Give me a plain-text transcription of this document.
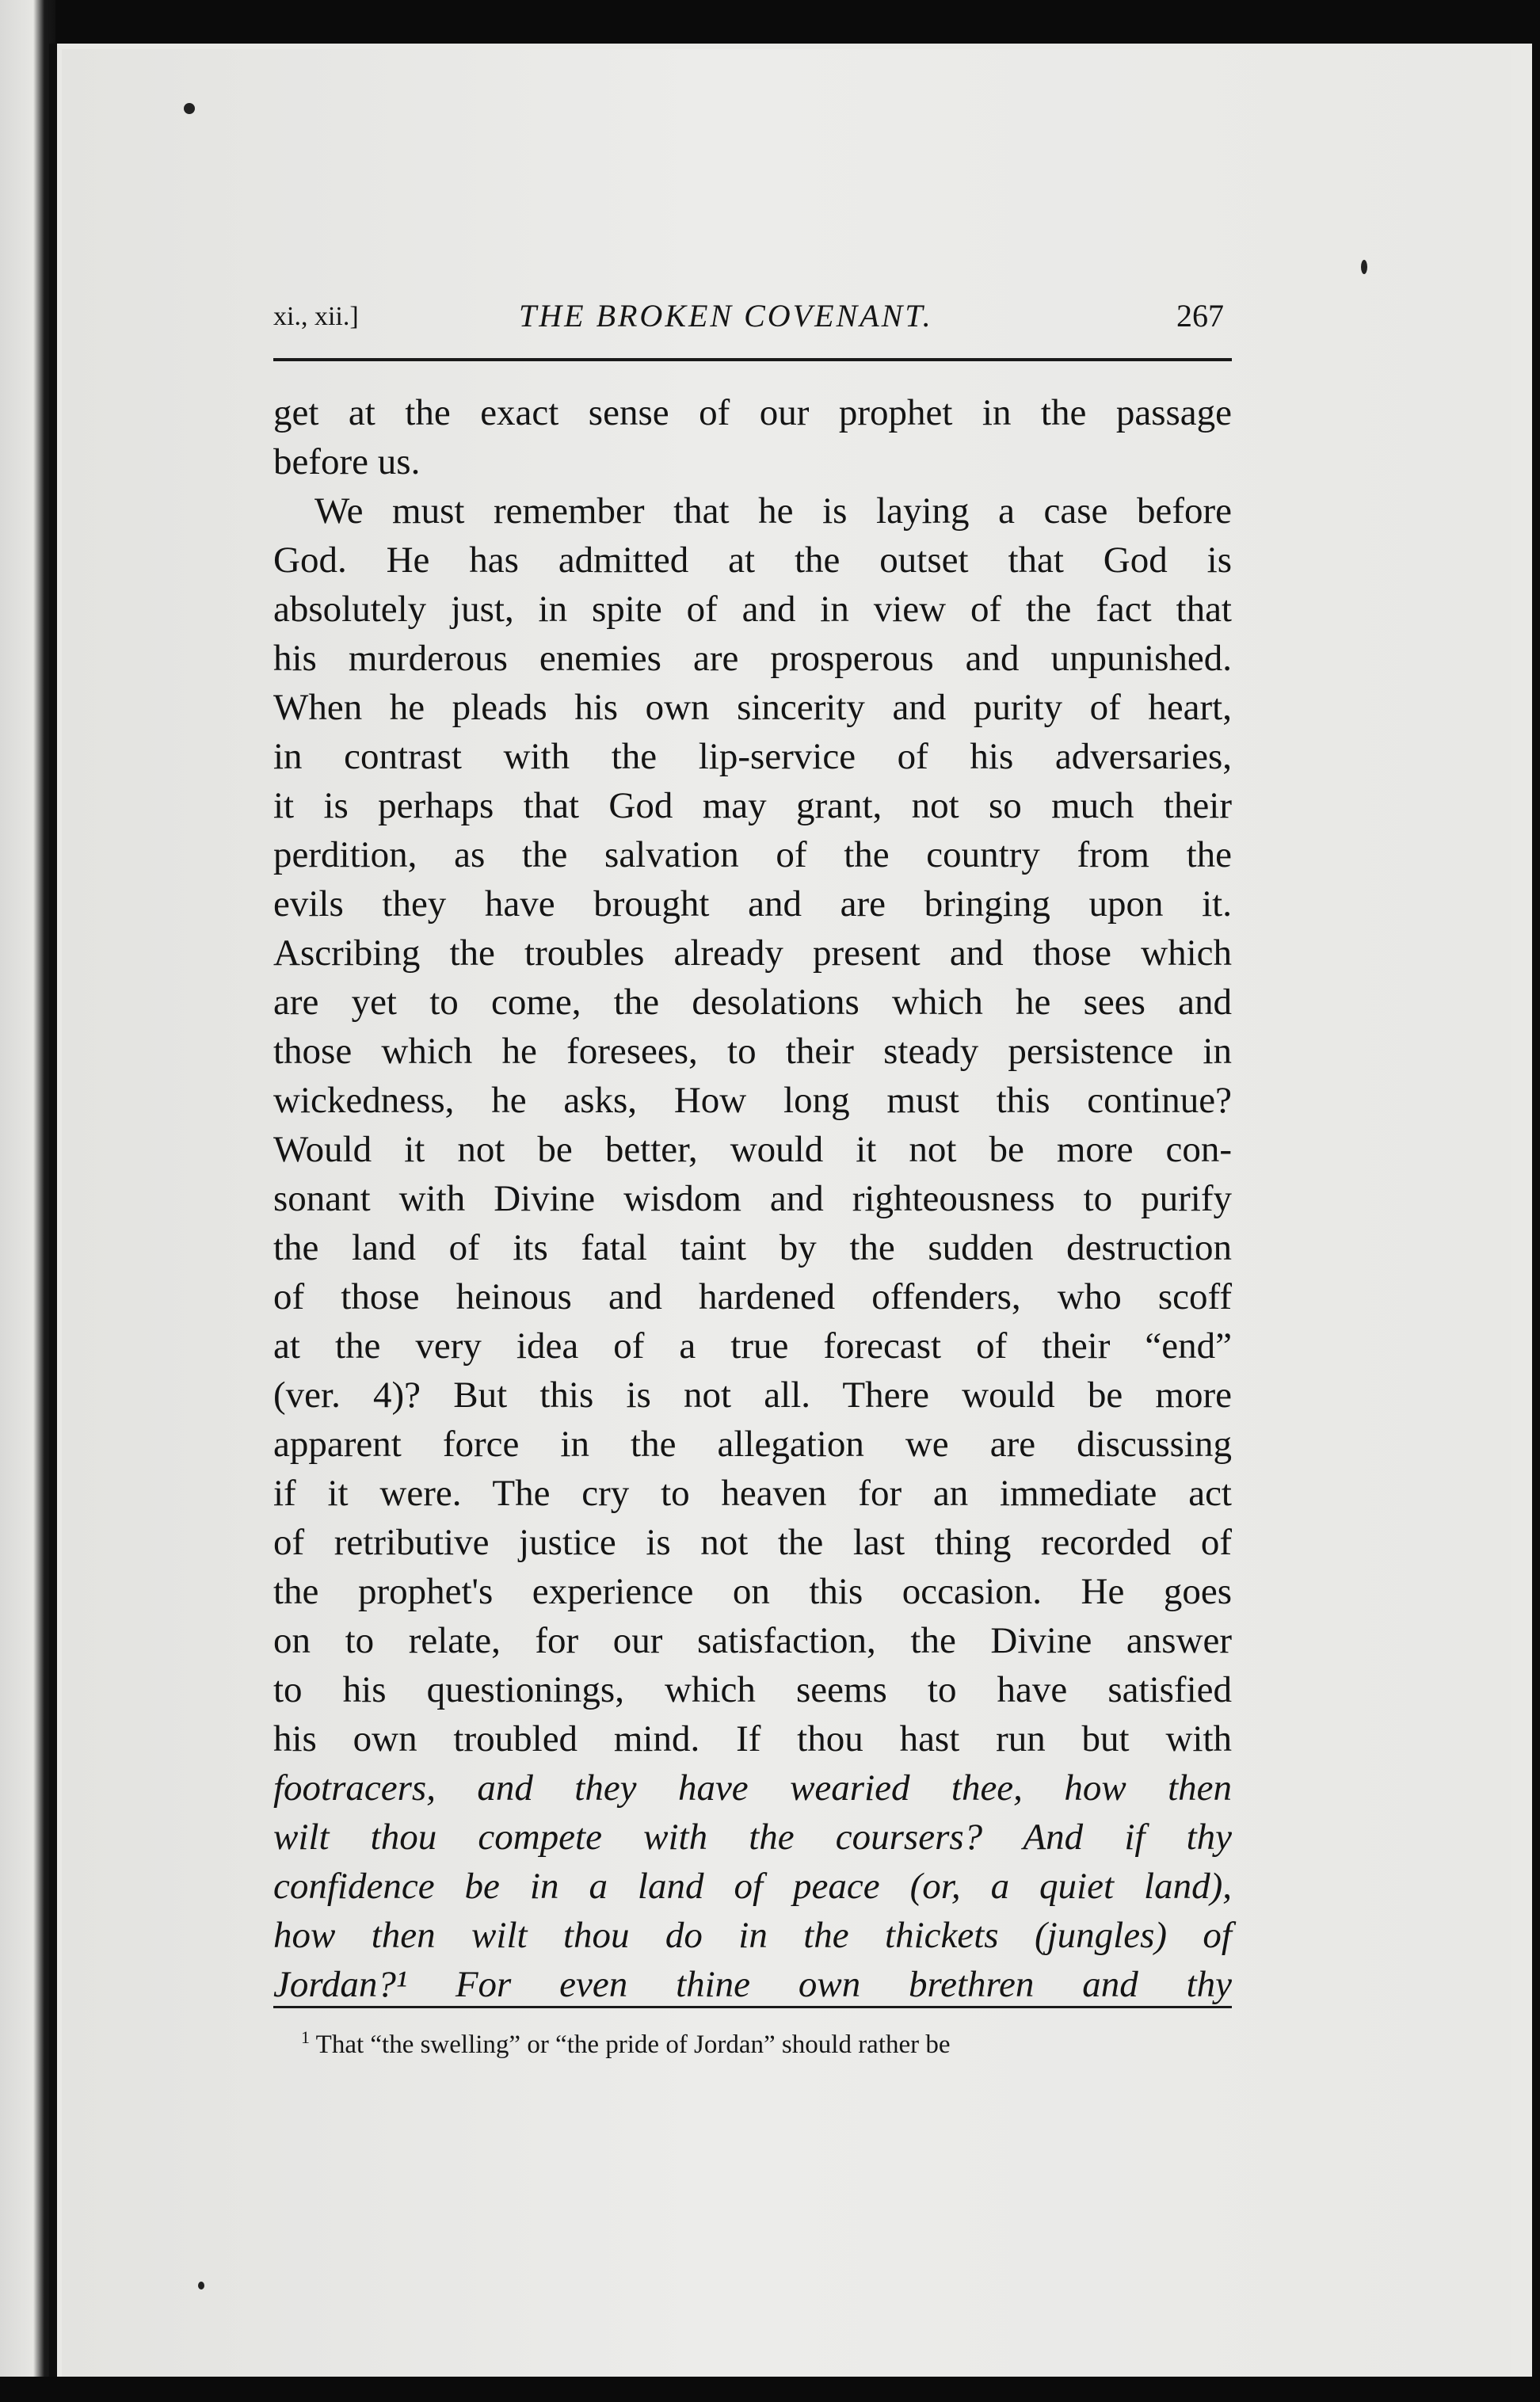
xi., xii.]	THE BROKEN COVENANT.	267
get at the exact sense of our prophet in the passage
before us.
We must remember that he is laying a case before
God. He has admitted at the outset that God is
absolutely just, in spite of and in view of the fact that
his murderous enemies are prosperous and unpunished.
When he pleads his own sincerity and purity of heart,
in contrast with the lip-service of his adversaries,
it is perhaps that God may grant, not so much their
perdition, as the salvation of the country from the
evils they have brought and are bringing upon it.
Ascribing the troubles already present and those which
are yet to come, the desolations which he sees and
those which he foresees, to their steady persistence in
wickedness, he asks, How long must this continue?
Would it not be better, would it not be more con-
sonant with Divine wisdom and righteousness to purify
the land of its fatal taint by the sudden destruction
of those heinous and hardened offenders, who scoff
at the very idea of a true forecast of their “end”
(ver. 4)? But this is not all. There would be more
apparent force in the allegation we are discussing
if it were. The cry to heaven for an immediate act
of retributive justice is not the last thing recorded of
the prophet's experience on this occasion. He goes
on to relate, for our satisfaction, the Divine answer
to his questionings, which seems to have satisfied
his own troubled mind. If thou hast run but with
footracers, and they have wearied thee, how then
wilt thou compete with the coursers? And if thy
confidence be in a land of peace (or, a quiet land),
how then wilt thou do in the thickets (jungles) of
Jordan?¹ For even thine own brethren and thy
$^1$ That “the swelling” or “the pride of Jordan” should rather be
